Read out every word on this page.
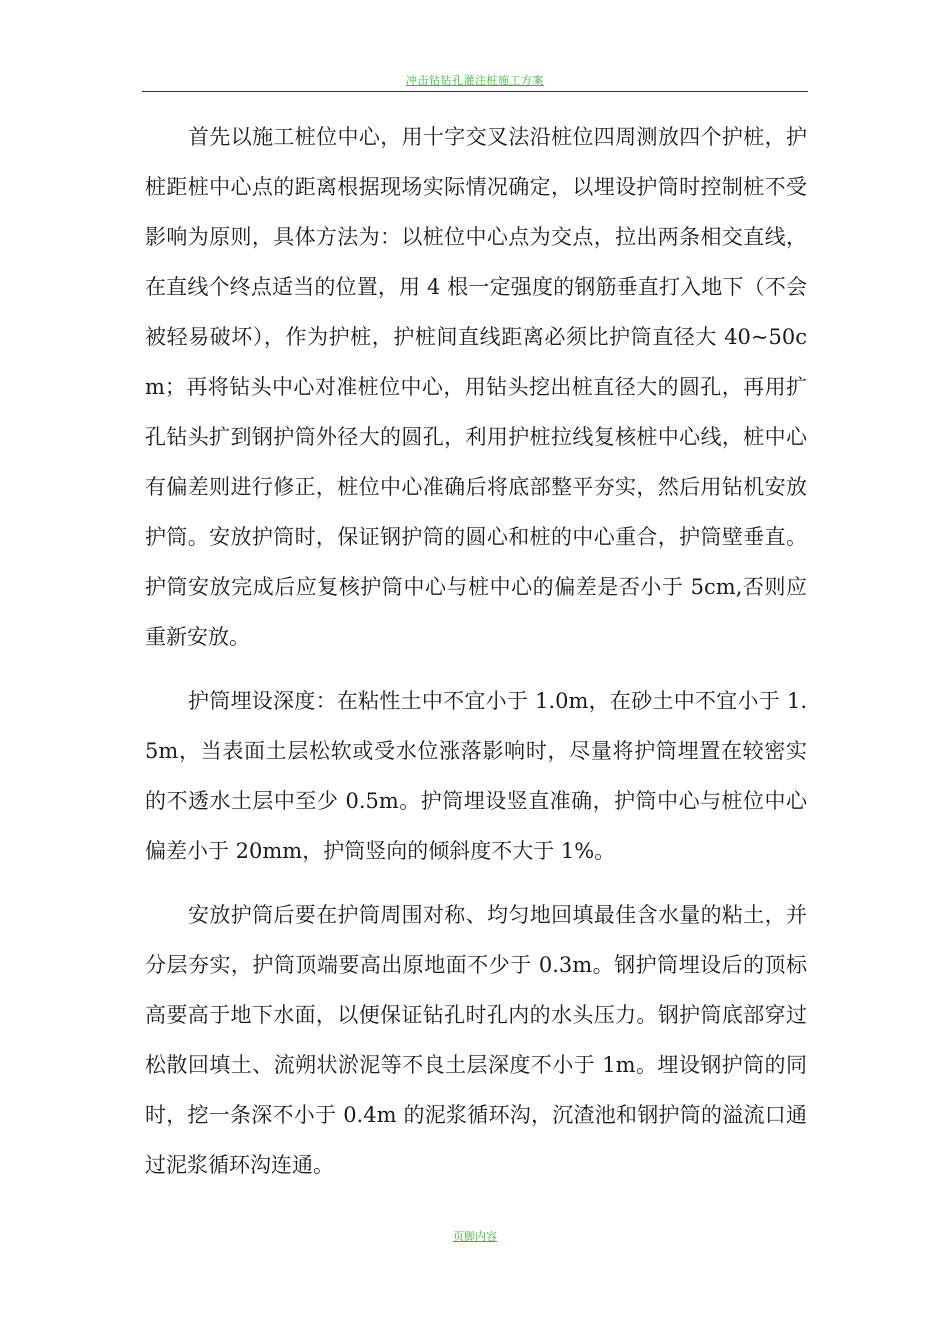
冲击钻钻孔灌注桩施工方案

首先以施工桩位中心，用十字交叉法沿桩位四周测放四个护桩，护桩距桩中心点的距离根据现场实际情况确定，以埋设护筒时控制桩不受影响为原则，具体方法为：以桩位中心点为交点，拉出两条相交直线，在直线个终点适当的位置，用 4 根一定强度的钢筋垂直打入地下（不会被轻易破坏），作为护桩，护桩间直线距离必须比护筒直径大 40~50cm；再将钻头中心对准桩位中心，用钻头挖出桩直径大的圆孔，再用扩孔钻头扩到钢护筒外径大的圆孔，利用护桩拉线复核桩中心线，桩中心有偏差则进行修正，桩位中心准确后将底部整平夯实，然后用钻机安放护筒。安放护筒时，保证钢护筒的圆心和桩的中心重合，护筒壁垂直。护筒安放完成后应复核护筒中心与桩中心的偏差是否小于 5cm,否则应重新安放。

护筒埋设深度：在粘性土中不宜小于 1.0m，在砂土中不宜小于 1.5m，当表面土层松软或受水位涨落影响时，尽量将护筒埋置在较密实的不透水土层中至少 0.5m。护筒埋设竖直准确，护筒中心与桩位中心偏差小于 20mm，护筒竖向的倾斜度不大于 1%。

安放护筒后要在护筒周围对称、均匀地回填最佳含水量的粘土，并分层夯实，护筒顶端要高出原地面不少于 0.3m。钢护筒埋设后的顶标高要高于地下水面，以便保证钻孔时孔内的水头压力。钢护筒底部穿过松散回填土、流朔状淤泥等不良土层深度不小于 1m。埋设钢护筒的同时，挖一条深不小于 0.4m 的泥浆循环沟，沉渣池和钢护筒的溢流口通过泥浆循环沟连通。

页脚内容
